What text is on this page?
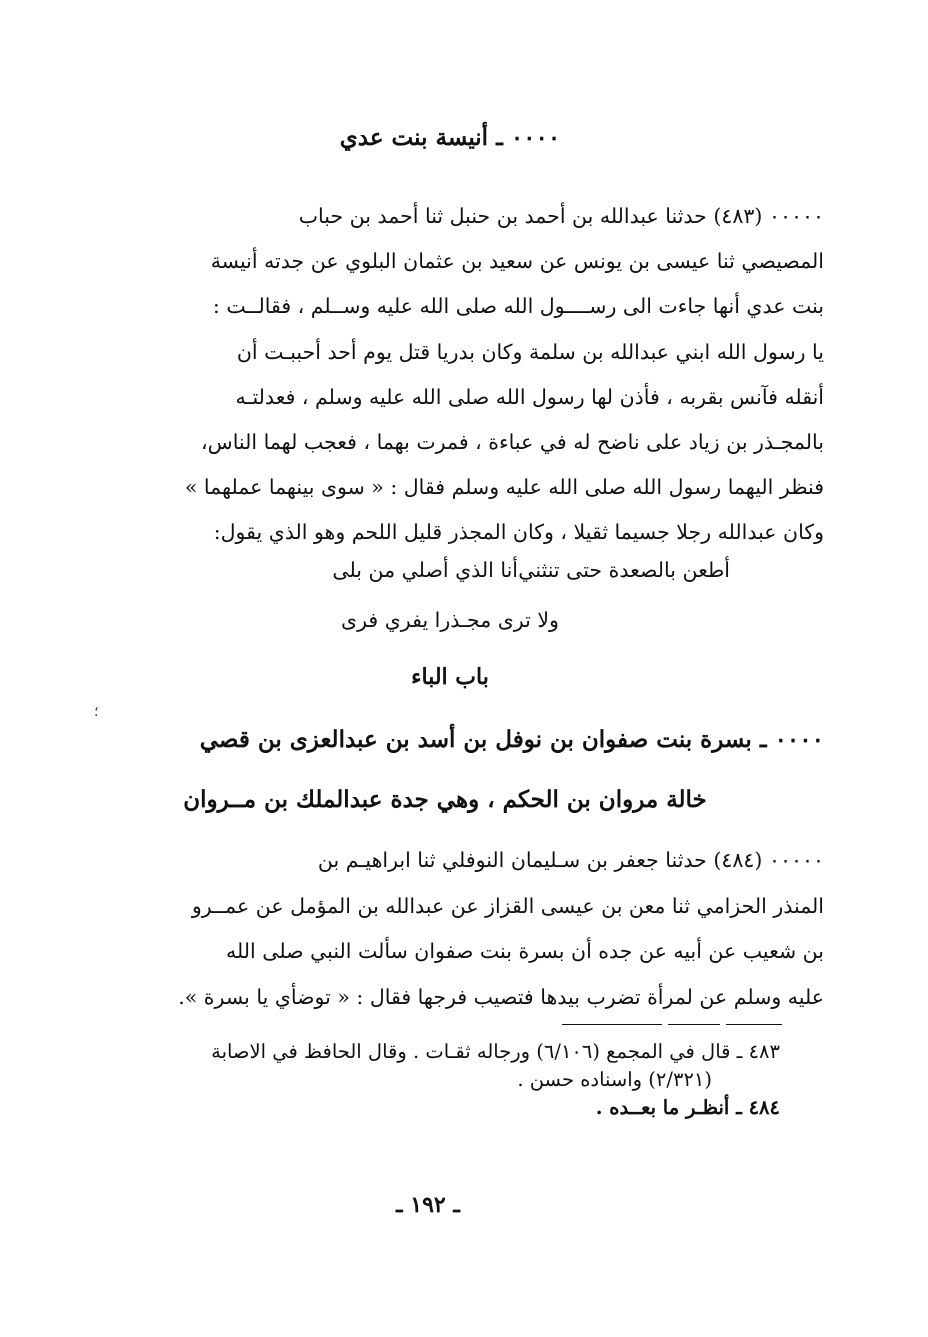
٠٠٠٠ ـ أنيسة بنت عدي
٠٠٠٠٠ (٤٨٣) حدثنا عبدالله بن أحمد بن حنبل ثنا أحمد بن حباب
المصيصي ثنا عيسى بن يونس عن سعيد بن عثمان البلوي عن جدته أنيسة
بنت عدي أنها جاءت الى رســــول الله صلى الله عليه وســلم ، فقالــت :
يا رسول الله ابني عبدالله بن سلمة وكان بدريا قتل يوم أحد أحببـت أن
أنقله فآنس بقربه ، فأذن لها رسول الله صلى الله عليه وسلم ، فعدلتـه
بالمجـذر بن زياد على ناضح له في عباءة ، فمرت بهما ، فعجب لهما الناس،
فنظر اليهما رسول الله صلى الله عليه وسلم فقال : « سوى بينهما عملهما »
وكان عبدالله رجلا جسيما ثقيلا ، وكان المجذر قليل اللحم وهو الذي يقول:
أنا الذي أصلي من بلى أطعن بالصعدة حتى تنثني
ولا ترى مجـذرا يفري فرى
باب الباء
؛
٠٠٠٠ ـ بسرة بنت صفوان بن نوفل بن أسد بن عبدالعزى بن قصي
خالة مروان بن الحكم ، وهي جدة عبدالملك بن مــروان
٠٠٠٠٠ (٤٨٤) حدثنا جعفر بن سـليمان النوفلي ثنا ابراهيـم بن
المنذر الحزامي ثنا معن بن عيسى القزاز عن عبدالله بن المؤمل عن عمــرو
بن شعيب عن أبيه عن جده أن بسرة بنت صفوان سألت النبي صلى الله
عليه وسلم عن لمرأة تضرب بيدها فتصيب فرجها فقال : « توضأي يا بسرة ».
٤٨٣ ـ قال في المجمع (٦/١٠٦) ورجاله ثقـات . وقال الحافظ في الاصابة
(٢/٣٢١) واسناده حسن .
٤٨٤ ـ أنظـر ما بعــده .
ـ ١٩٢ ـ
